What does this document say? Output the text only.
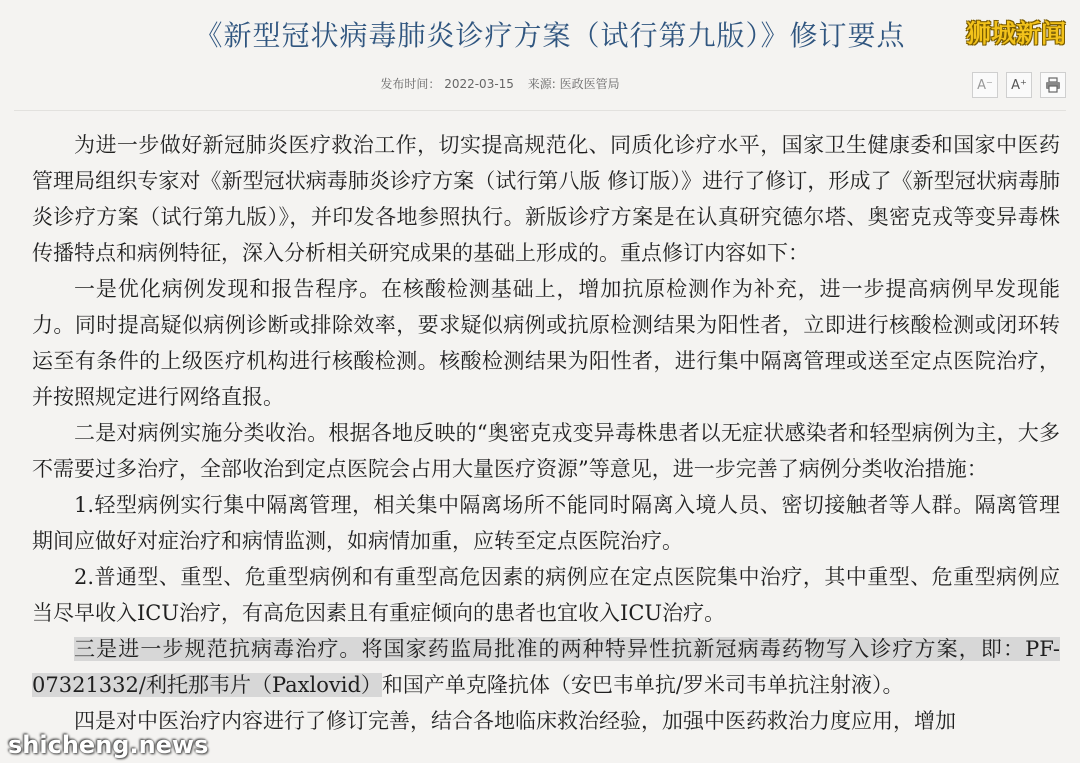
《新型冠状病毒肺炎诊疗方案（试行第九版）》修订要点	狮城新闻
发布时间： 2022-03-15 来源: 医政医管局	A⁻ A⁺

为进一步做好新冠肺炎医疗救治工作，切实提高规范化、同质化诊疗水平，国家卫生健康委和国家中医药管理局组织专家对《新型冠状病毒肺炎诊疗方案（试行第八版 修订版）》进行了修订，形成了《新型冠状病毒肺炎诊疗方案（试行第九版）》，并印发各地参照执行。新版诊疗方案是在认真研究德尔塔、奥密克戎等变异毒株传播特点和病例特征，深入分析相关研究成果的基础上形成的。重点修订内容如下：

一是优化病例发现和报告程序。在核酸检测基础上，增加抗原检测作为补充，进一步提高病例早发现能力。同时提高疑似病例诊断或排除效率，要求疑似病例或抗原检测结果为阳性者，立即进行核酸检测或闭环转运至有条件的上级医疗机构进行核酸检测。核酸检测结果为阳性者，进行集中隔离管理或送至定点医院治疗，并按照规定进行网络直报。

二是对病例实施分类收治。根据各地反映的“奥密克戎变异毒株患者以无症状感染者和轻型病例为主，大多不需要过多治疗，全部收治到定点医院会占用大量医疗资源”等意见，进一步完善了病例分类收治措施：

1.轻型病例实行集中隔离管理，相关集中隔离场所不能同时隔离入境人员、密切接触者等人群。隔离管理期间应做好对症治疗和病情监测，如病情加重，应转至定点医院治疗。

2.普通型、重型、危重型病例和有重型高危因素的病例应在定点医院集中治疗，其中重型、危重型病例应当尽早收入ICU治疗，有高危因素且有重症倾向的患者也宜收入ICU治疗。

三是进一步规范抗病毒治疗。将国家药监局批准的两种特异性抗新冠病毒药物写入诊疗方案，即：PF-07321332/利托那韦片（Paxlovid）和国产单克隆抗体（安巴韦单抗/罗米司韦单抗注射液）。

四是对中医治疗内容进行了修订完善，结合各地临床救治经验，加强中医药救治力度应用，增加

shicheng.news
